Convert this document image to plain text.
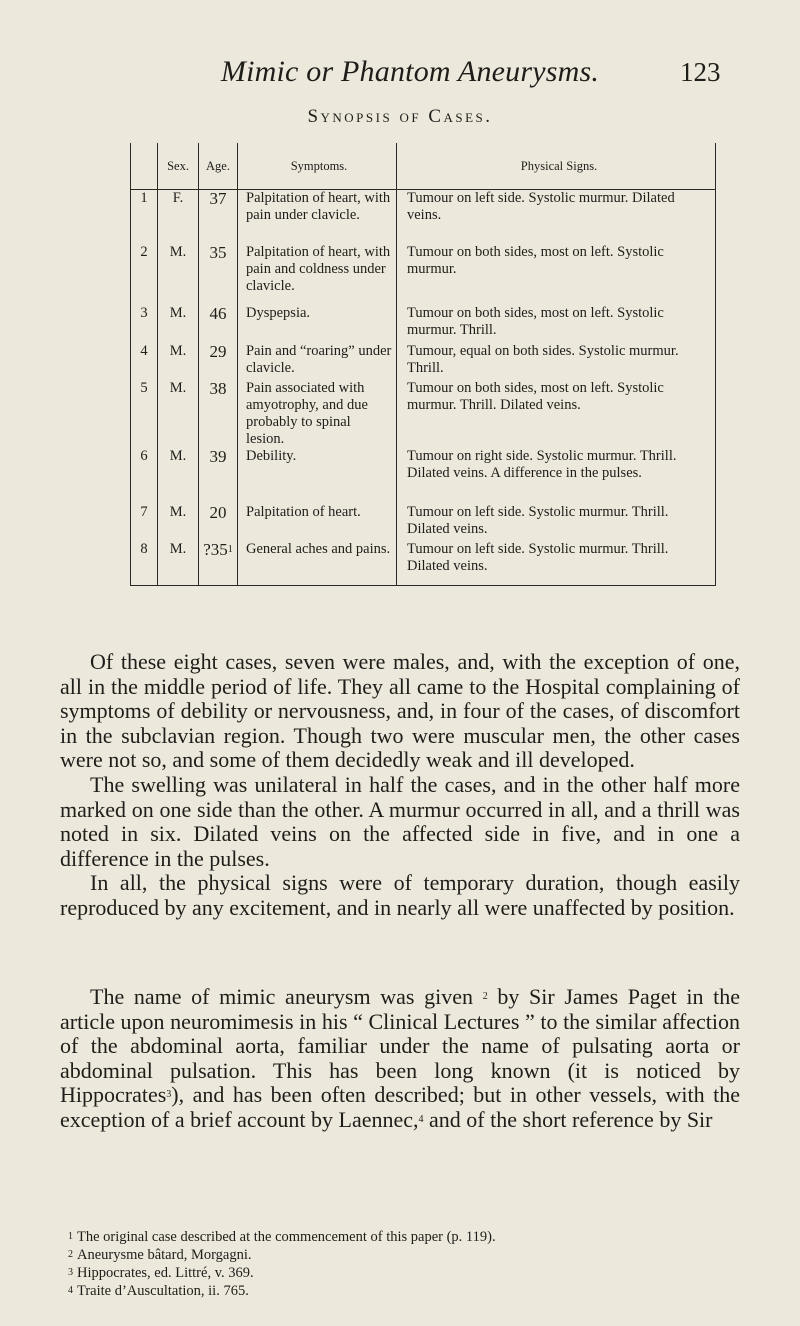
Mimic or Phantom Aneurysms.	123
Synopsis of Cases.
	Sex.	Age.	Symptoms.	Physical Signs.
1	F.	37	Palpitation of heart, with pain under clavicle.	Tumour on left side. Systolic murmur. Dilated veins.
2	M.	35	Palpitation of heart, with pain and coldness under clavicle.	Tumour on both sides, most on left. Systolic murmur.
3	M.	46	Dyspepsia.	Tumour on both sides, most on left. Systolic murmur. Thrill.
4	M.	29	Pain and “roaring” under clavicle.	Tumour, equal on both sides. Systolic murmur. Thrill.
5	M.	38	Pain associated with amyotrophy, and due probably to spinal lesion.	Tumour on both sides, most on left. Systolic murmur. Thrill. Dilated veins.
6	M.	39	Debility.	Tumour on right side. Systolic murmur. Thrill. Dilated veins. A difference in the pulses.
7	M.	20	Palpitation of heart.	Tumour on left side. Systolic murmur. Thrill. Dilated veins.
8	M.	$?35^1$	General aches and pains.	Tumour on left side. Systolic murmur. Thrill. Dilated veins.

Of these eight cases, seven were males, and, with the exception of one, all in the middle period of life. They all came to the Hospital complaining of symptoms of debility or nervousness, and, in four of the cases, of discomfort in the subclavian region. Though two were muscular men, the other cases were not so, and some of them decidedly weak and ill developed.

The swelling was unilateral in half the cases, and in the other half more marked on one side than the other. A murmur occurred in all, and a thrill was noted in six. Dilated veins on the affected side in five, and in one a difference in the pulses.

In all, the physical signs were of temporary duration, though easily reproduced by any excitement, and in nearly all were unaffected by position.

The name of mimic aneurysm was given $^2$ by Sir James Paget in the article upon neuromimesis in his “ Clinical Lectures ” to the similar affection of the abdominal aorta, familiar under the name of pulsating aorta or abdominal pulsation. This has been long known (it is noticed by Hippocrates$^3$), and has been often described; but in other vessels, with the exception of a brief account by Laennec,$^4$ and of the short reference by Sir

$^1$ The original case described at the commencement of this paper (p. 119).
$^2$ Aneurysme bâtard, Morgagni.
$^3$ Hippocrates, ed. Littré, v. 369.
$^4$ Traite d’Auscultation, ii. 765.
